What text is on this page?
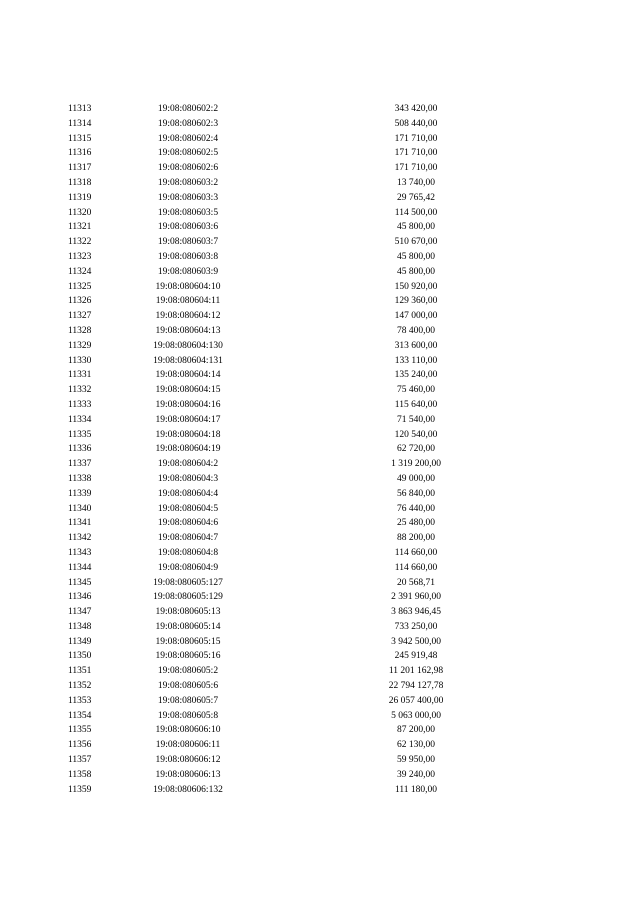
11313	19:08:080602:2	343 420,00
11314	19:08:080602:3	508 440,00
11315	19:08:080602:4	171 710,00
11316	19:08:080602:5	171 710,00
11317	19:08:080602:6	171 710,00
11318	19:08:080603:2	13 740,00
11319	19:08:080603:3	29 765,42
11320	19:08:080603:5	114 500,00
11321	19:08:080603:6	45 800,00
11322	19:08:080603:7	510 670,00
11323	19:08:080603:8	45 800,00
11324	19:08:080603:9	45 800,00
11325	19:08:080604:10	150 920,00
11326	19:08:080604:11	129 360,00
11327	19:08:080604:12	147 000,00
11328	19:08:080604:13	78 400,00
11329	19:08:080604:130	313 600,00
11330	19:08:080604:131	133 110,00
11331	19:08:080604:14	135 240,00
11332	19:08:080604:15	75 460,00
11333	19:08:080604:16	115 640,00
11334	19:08:080604:17	71 540,00
11335	19:08:080604:18	120 540,00
11336	19:08:080604:19	62 720,00
11337	19:08:080604:2	1 319 200,00
11338	19:08:080604:3	49 000,00
11339	19:08:080604:4	56 840,00
11340	19:08:080604:5	76 440,00
11341	19:08:080604:6	25 480,00
11342	19:08:080604:7	88 200,00
11343	19:08:080604:8	114 660,00
11344	19:08:080604:9	114 660,00
11345	19:08:080605:127	20 568,71
11346	19:08:080605:129	2 391 960,00
11347	19:08:080605:13	3 863 946,45
11348	19:08:080605:14	733 250,00
11349	19:08:080605:15	3 942 500,00
11350	19:08:080605:16	245 919,48
11351	19:08:080605:2	11 201 162,98
11352	19:08:080605:6	22 794 127,78
11353	19:08:080605:7	26 057 400,00
11354	19:08:080605:8	5 063 000,00
11355	19:08:080606:10	87 200,00
11356	19:08:080606:11	62 130,00
11357	19:08:080606:12	59 950,00
11358	19:08:080606:13	39 240,00
11359	19:08:080606:132	111 180,00
